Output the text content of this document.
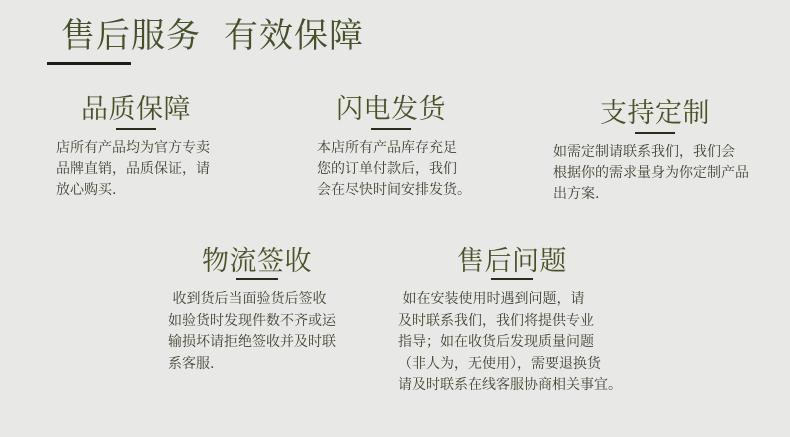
售后服务 有效保障
品质保障
店所有产品均为官方专卖
品牌直销，品质保证，请
放心购买.
闪电发货
本店所有产品库存充足
您的订单付款后，我们
会在尽快时间安排发货。
支持定制
如需定制请联系我们，我们会
根据你的需求量身为你定制产品
出方案.
物流签收
收到货后当面验货后签收
如验货时发现件数不齐或运
输损坏请拒绝签收并及时联
系客服.
售后问题
如在安装使用时遇到问题，请
及时联系我们，我们将提供专业
指导；如在收货后发现质量问题
（非人为，无使用），需要退换货
请及时联系在线客服协商相关事宜。
